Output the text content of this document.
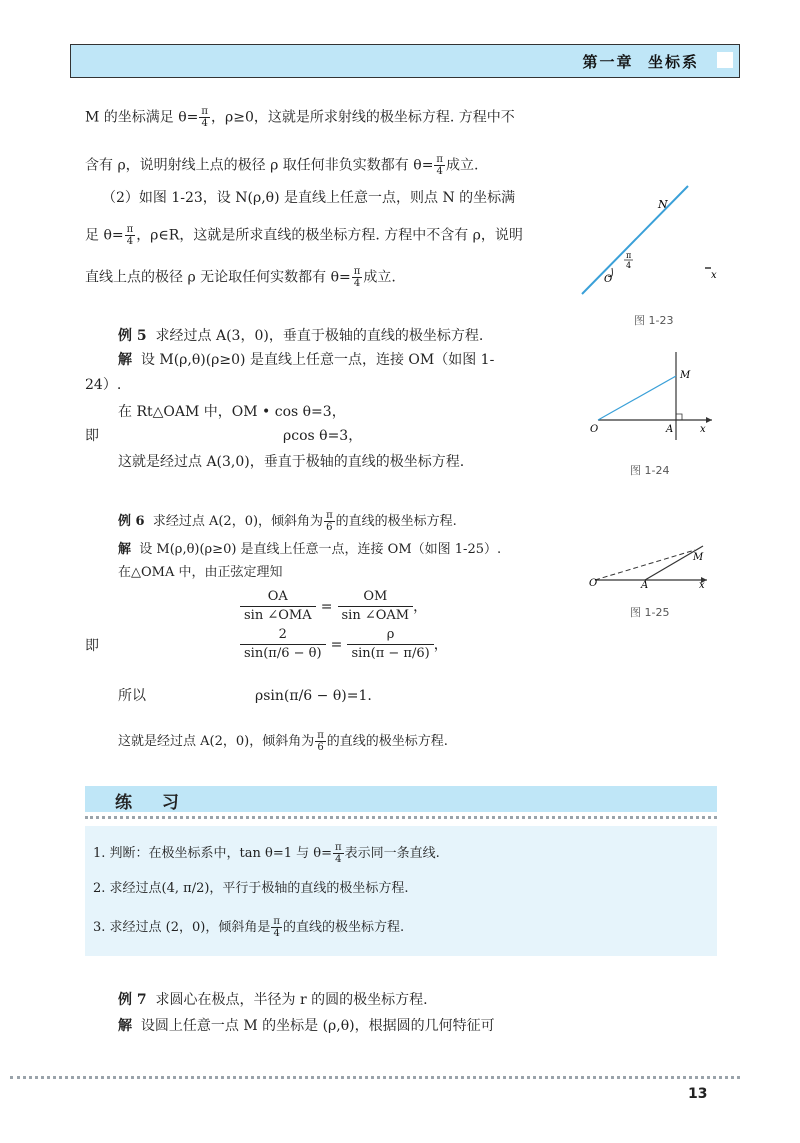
第一章 坐标系
M 的坐标满足 $\theta= \frac{\pi}{4}$ ，ρ≥0，这就是所求射线的极坐标方程. 方程中不
含有 ρ，说明射线上点的极径 ρ 取任何非负实数都有 $\theta= \frac{\pi}{4}$ 成立.
（2）如图 1-23，设 N(ρ,θ) 是直线上任意一点，则点 N 的坐标满
足 $\theta= \frac{\pi}{4}$ ，ρ∈R，这就是所求直线的极坐标方程. 方程中不含有 ρ，说明
直线上点的极径 ρ 无论取任何实数都有 $\theta= \frac{\pi}{4}$ 成立.
N
O	x
π
4
图 1-23
例 5 求经过点 A(3，0)，垂直于极轴的直线的极坐标方程.
解 设 M(ρ,θ)(ρ≥0) 是直线上任意一点，连接 OM（如图 1-
24）.
在 Rt△OAM 中，OM • cos θ=3，
即	ρcos θ=3，
这就是经过点 A(3,0)，垂直于极轴的直线的极坐标方程.
M
O	A	x
图 1-24
例 6 求经过点 A(2，0)，倾斜角为 $\frac{\pi}{6}$ 的直线的极坐标方程.
解 设 M(ρ,θ)(ρ≥0) 是直线上任意一点，连接 OM（如图 1-25）.
在△OMA 中，由正弦定理知
OA
sin ∠OMA
=
OM
sin ∠OAM
，
即	$\frac{2}{\sin(\pi/6 - \theta)} = \frac{\rho}{\sin(\pi - \pi/6)}$ ，
所以	ρsin(π/6 − θ)=1.
这就是经过点 A(2，0)，倾斜角为 $\frac{\pi}{6}$ 的直线的极坐标方程.
M
O	A	x
图 1-25
练 习
1. 判断：在极坐标系中，tan θ=1 与 $\theta= \frac{\pi}{4}$ 表示同一条直线.
2. 求经过点(4, π/2)，平行于极轴的直线的极坐标方程.
3. 求经过点 (2，0)，倾斜角是 $\frac{\pi}{4}$ 的直线的极坐标方程.
例 7 求圆心在极点，半径为 r 的圆的极坐标方程.
解 设圆上任意一点 M 的坐标是 (ρ,θ)，根据圆的几何特征可
13
